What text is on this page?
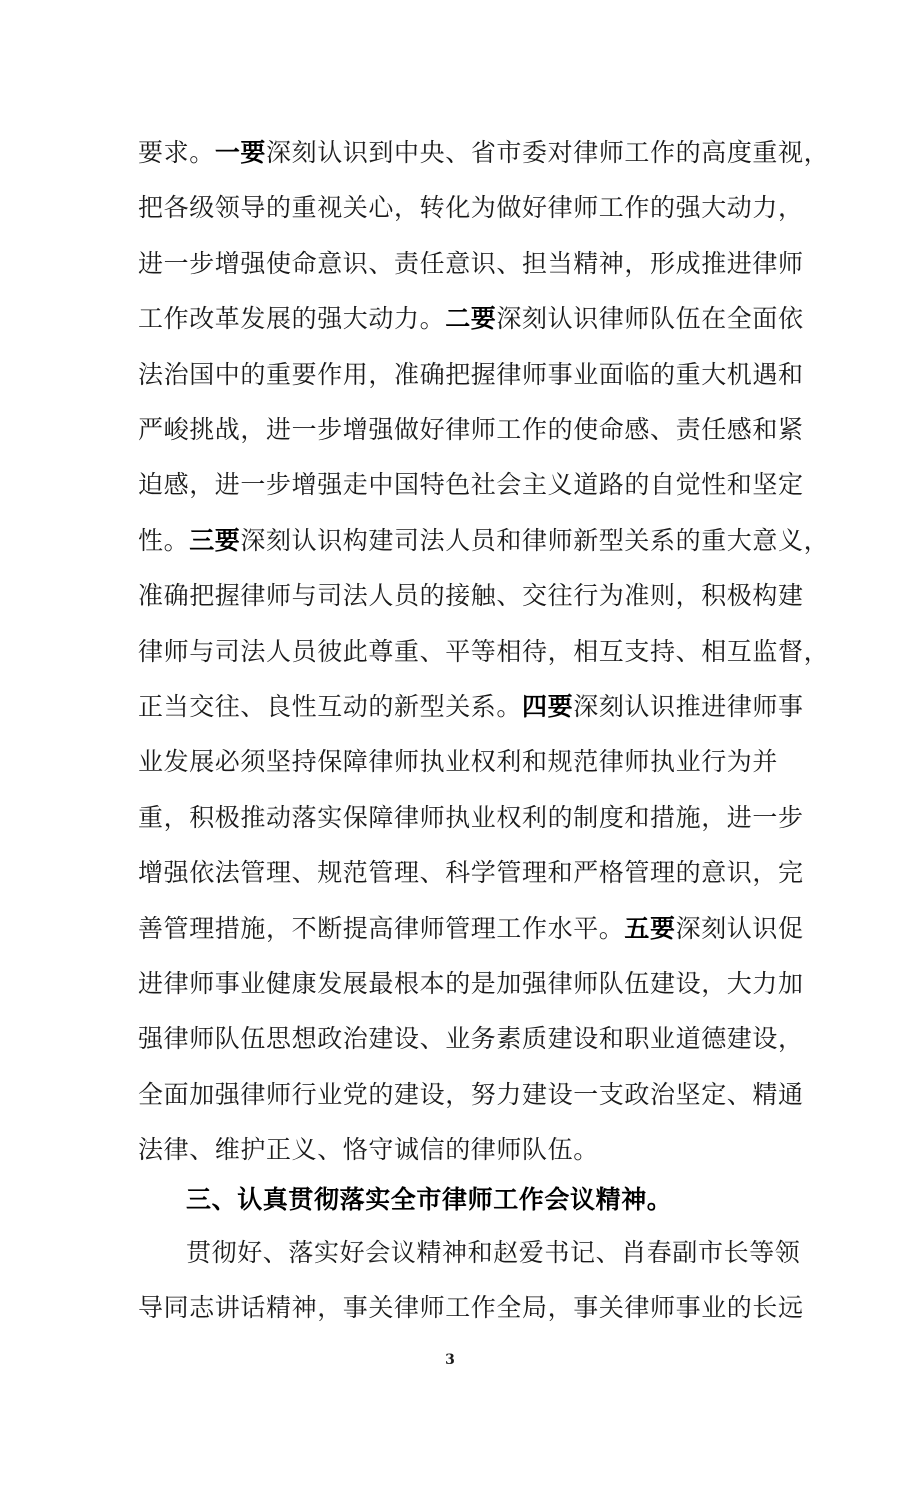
要求。一要深刻认识到中央、省市委对律师工作的高度重视，
把各级领导的重视关心，转化为做好律师工作的强大动力，
进一步增强使命意识、责任意识、担当精神，形成推进律师
工作改革发展的强大动力。二要深刻认识律师队伍在全面依
法治国中的重要作用，准确把握律师事业面临的重大机遇和
严峻挑战，进一步增强做好律师工作的使命感、责任感和紧
迫感，进一步增强走中国特色社会主义道路的自觉性和坚定
性。三要深刻认识构建司法人员和律师新型关系的重大意义，
准确把握律师与司法人员的接触、交往行为准则，积极构建
律师与司法人员彼此尊重、平等相待，相互支持、相互监督，
正当交往、良性互动的新型关系。四要深刻认识推进律师事
业发展必须坚持保障律师执业权利和规范律师执业行为并
重，积极推动落实保障律师执业权利的制度和措施，进一步
增强依法管理、规范管理、科学管理和严格管理的意识，完
善管理措施，不断提高律师管理工作水平。五要深刻认识促
进律师事业健康发展最根本的是加强律师队伍建设，大力加
强律师队伍思想政治建设、业务素质建设和职业道德建设，
全面加强律师行业党的建设，努力建设一支政治坚定、精通
法律、维护正义、恪守诚信的律师队伍。
三、认真贯彻落实全市律师工作会议精神。
贯彻好、落实好会议精神和赵爱书记、肖春副市长等领
导同志讲话精神，事关律师工作全局，事关律师事业的长远
3
